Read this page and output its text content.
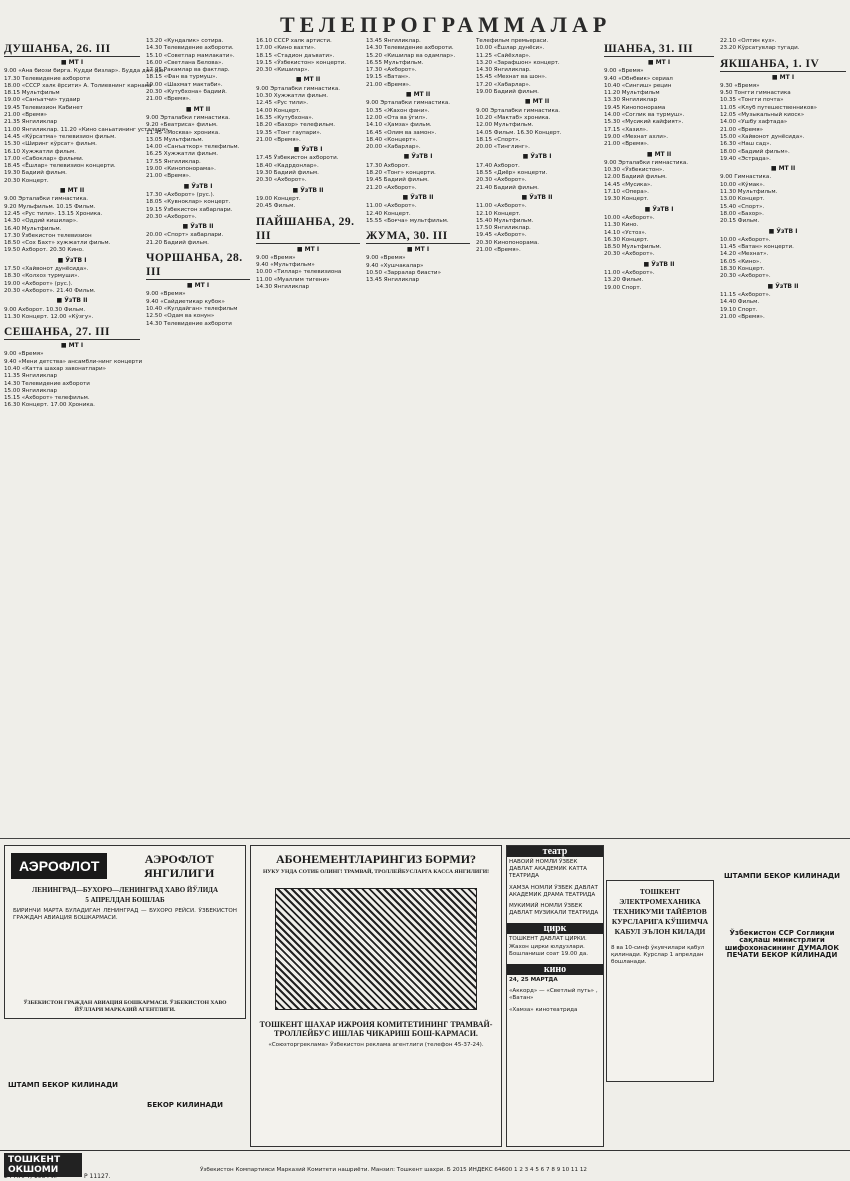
ТЕЛЕПРОГРАММАЛАР
ДУШАНБА, 26. III
■ МТ I
9.00 «Ана биози бирга. Кудди бизлар». Будда дан дан
17.30 Телевидение ахбороти
18.00 «СССР халк ёрсити» А. Толиевнинг карнака
18.15 Мультфильм
19.00 «Санъатчи» тудаир
19.45 Телевизион Кабинет
21.00 «Время»
21.35 Янгиликлар
11.00 Янгиликлар. 11.20 «Кино саньатининг усталари».
14.45 «Кўрсатма» телевизион фильм.
15.30 «Ширинг кўрсат» фильм.
16.10 Хужжатли фильм.
17.00 «Сабоклар» фильми.
18.45 «Ёшлар» телевизион концерти.
19.30 Бадиий фильм.
20.30 Концерт.
■ МТ II
9.00 Эрталабки гимнастика.
9.20 Мульфильм. 10.15 Фильм.
12.45 «Рус тили». 13.15 Хроника.
14.30 «Оддий кишилар».
16.40 Мультфильм.
17.30 Ўзбекистон телевизион
18.50 «Сох Бахт» хужжатли фильм.
19.50 Ахборот. 20.30 Кино.
■ ЎзТВ I
17.50 «Хайвонот дунёсида».
18.30 «Колхоз турмуши».
19.00 «Ахборот» (рус.).
20.30 «Ахборот». 21.40 Фильм.
■ ЎзТВ II
9.00 Ахборот. 10.30 Фильм.
11.30 Концерт. 12.00 «Кўзгу».
СЕШАНБА, 27. III
■ МТ I
9.00 «Время»
9.40 «Мени детства» ансамбли-нинг концерти
10.40 «Катта шахар завонатлари»
11.35 Янгиликлар
14.30 Телевидение ахбороти
15.00 Янгиликлар
15.15 «Ахборот» телефильм.
16.30 Концерт. 17.00 Хроника.
13.20 «Кундалик» сотира.
14.30 Телевидение ахбороти.
15.10 «Советлар мамлакати».
16.00 «Светлана Белова».
17.05 Ракамлар ва фактлар.
18.15 «Фан ва турмуш».
19.00 «Шахмат мактаби».
20.30 «Кутубхона» бадиий.
21.00 «Время».
■ МТ II
9.00 Эрталабки гимнастика.
9.20 «Беатриса» фильм.
11.45 «Москва» хроника.
13.05 Мультфильм.
14.00 «Санъаткор» телефильм.
16.25 Хужжатли фильм.
17.55 Янгиликлар.
19.00 «Кинопонорама».
21.00 «Время».
■ ЎзТВ I
17.30 «Ахборот» (рус.).
18.05 «Кувноклар» концерт.
19.15 Ўзбекистон хабарлари.
20.30 «Ахборот».
■ ЎзТВ II
20.00 «Спорт» хабарлари.
21.20 Бадиий фильм.
ЧОРШАНБА, 28. III
■ МТ I
9.00 «Время»
9.40 «Сайдиетикар кубок»
10.40 «Кулдайган» телефильм
12.50 «Одам ва конун»
14.30 Телевидение ахбороти
16.10 СССР халк артисти.
17.00 «Кино вахти».
18.15 «Стадион даъвати».
19.15 «Ўзбекистон» концерти.
20.30 «Кишилар».
■ МТ II
9.00 Эрталабки гимнастика.
10.30 Хужжатли фильм.
12.45 «Рус тили».
14.00 Концерт.
16.35 «Кутубхона».
18.20 «Бахор» телефильм.
19.35 «Тонг гаупари».
21.00 «Время».
■ ЎзТВ I
17.45 Ўзбекистон ахбороти.
18.40 «Кадрдонлар».
19.30 Бадиий фильм.
20.30 «Ахборот».
■ ЎзТВ II
19.00 Концерт.
20.45 Фильм.
ПАЙШАНБА, 29. III
■ МТ I
9.00 «Время»
9.40 «Мультфильм»
10.00 «Тиллар» телевизиона
11.00 «Муаллим тигени»
14.30 Янгиликлар
13.45 Янгиликлар.
14.30 Телевидение ахбороти.
15.20 «Кишилар ва одамлар».
16.55 Мультфильм.
17.30 «Ахборот».
19.15 «Ватан».
21.00 «Время».
■ МТ II
9.00 Эрталабки гимнастика.
10.35 «Жахон фани».
12.00 «Ота ва ўгил».
14.10 «Ҳамза» фильм.
16.45 «Олим ва замон».
18.40 «Концерт».
20.00 «Хабарлар».
■ ЎзТВ I
17.30 Ахборот.
18.20 «Тонг» концерти.
19.45 Бадиий фильм.
21.20 «Ахборот».
■ ЎзТВ II
11.00 «Ахборот».
12.40 Концерт.
15.55 «Боғча» мультфильм.
ЖУМА, 30. III
■ МТ I
9.00 «Время»
9.40 «Хушчакалар»
10.50 «Зарралар биасти»
13.45 Янгиликлар
Телефильм премьераси.
10.00 «Ёшлар дунёси».
11.25 «Сайёхлар».
13.20 «Зарафшон» концерт.
14.30 Янгиликлар.
15.45 «Мехнат ва шон».
17.20 «Хабарлар».
19.00 Бадиий фильм.
■ МТ II
9.00 Эрталабки гимнастика.
10.20 «Мактаб» хроника.
12.00 Мультфильм.
14.05 Фильм. 16.30 Концерт.
18.15 «Спорт».
20.00 «Тинглинг».
■ ЎзТВ I
17.40 Ахборот.
18.55 «Диёр» концерти.
20.30 «Ахборот».
21.40 Бадиий фильм.
■ ЎзТВ II
11.00 «Ахборот».
12.10 Концерт.
15.40 Мультфильм.
17.50 Янгиликлар.
19.45 «Ахборот».
20.30 Кинопонорама.
21.00 «Время».
ШАНБА, 31. III
■ МТ I
9.00 «Время»
9.40 «Обнбвик» сериал
10.40 «Сингиш» рецин
11.20 Мультфильм
13.30 Янгиликлар
19.45 Кинопонорама
14.00 «Соглик ва турмуш».
15.30 «Мусикий кайфият».
17.15 «Хазил».
19.00 «Мехнат ахли».
21.00 «Время».
■ МТ II
9.00 Эрталабки гимнастика.
10.30 «Ўзбекистон».
12.00 Бадиий фильм.
14.45 «Мусика».
17.10 «Опера».
19.30 Концерт.
■ ЎзТВ I
10.00 «Ахборот».
11.30 Кино.
14.10 «Устоз».
16.30 Концерт.
18.50 Мультфильм.
20.30 «Ахборот».
■ ЎзТВ II
11.00 «Ахборот».
13.20 Фильм.
19.00 Спорт.
22.10 «Олтин куз».
23.20 Кўрсатувлар тугади.
ЯКШАНБА, 1. IV
■ МТ I
9.30 «Время»
9.50 Тонгги гимнастика
10.35 «Тонгги почта»
11.05 «Клуб путешественников»
12.05 «Музыкальный киоск»
14.00 «Ушбу хафтада»
21.00 «Время»
15.00 «Хайвонот дунёсида».
16.30 «Наш сад».
18.00 «Бадиий фильм».
19.40 «Эстрада».
■ МТ II
9.00 Гимнастика.
10.00 «Кўмак».
11.30 Мультфильм.
13.00 Концерт.
15.40 «Спорт».
18.00 «Бахор».
20.15 Фильм.
■ ЎзТВ I
10.00 «Ахборот».
11.45 «Ватан» концерти.
14.20 «Мехнат».
16.05 «Кино».
18.30 Концерт.
20.30 «Ахборот».
■ ЎзТВ II
11.15 «Ахборот».
14.40 Фильм.
19.10 Спорт.
21.00 «Время».
АЭРОФЛОТ	АЭРОФЛОТ ЯНГИЛИГИ
ЛЕНИНГРАД—БУХОРО—ЛЕНИНГРАД ХАВО ЙЎЛИДА
5 АПРЕЛДАН БОШЛАБ
БИРИНЧИ МАРТА БУЛАДИГАН ЛЕНИНГРАД — БУХОРО РЕЙСИ. ЎЗБЕКИСТОН ГРАЖДАН АВИАЦИЯ БОШКАРМАСИ.
ЎЗБЕКИСТОН ГРАЖДАН АВИАЦИЯ БОШКАРМАСИ. ЎЗБЕКИСТОН ХАВО ЙЎЛЛАРИ МАРКАЗИЙ АГЕНТЛИГИ.
ШТАМП БЕКОР КИЛИНАДИ
БЕКОР КИЛИНАДИ
АБОНЕМЕНТЛАРИНГИЗ БОРМИ?
НУКУ УНДА СОТИБ ОЛИНГ! ТРАМВАЙ, ТРОЛЛЕЙБУСЛАРГА КАССА ЯНГИЛИГИ!
ТОШКЕНТ ШАХАР ИЖРОИЯ КОМИТЕТИНИНГ ТРАМВАЙ-ТРОЛЛЕЙБУС ИШЛАБ ЧИКАРИШ БОШ-КАРМАСИ.
«Союзторгреклама» Ўзбекистон реклама агентлиги (телефон 45-37-24).
театр
НАВОИЙ НОМЛИ ЎЗБЕК ДАВЛАТ АКАДЕМИК КАТТА ТЕАТРИДА
ХАМЗА НОМЛИ ЎЗБЕК ДАВЛАТ АКАДЕМИК ДРАМА ТЕАТРИДА
МУКИМИЙ НОМЛИ ЎЗБЕК ДАВЛАТ МУЗИКАЛИ ТЕАТРИДА
цирк
ТОШКЕНТ ДАВЛАТ ЦИРКИ. Жахон цирки юлдузлари. Бошланиши соат 19.00 да.
кино
24, 25 МАРТДА
«Аккорд» — «Светлый путь» , «Ватан»
«Хамза» кинотеатрида
ТОШКЕНТ ЭЛЕКТРОМЕХАНИКА ТЕХНИКУМИ ТАЙЁРЛОВ КУРСЛАРИГА КЎШИМЧА КАБУЛ ЭЪЛОН КИЛАДИ
8 ва 10-синф ўкувчилари қабул қилинади. Курслар 1 апрелдан бошланади.
ШТАМПИ БЕКОР КИЛИНАДИ
Ўзбекистон ССР Соглиқни сақлаш министрлиги шифохонасининг ДУМАЛОК ПЕЧАТИ БЕКОР КИЛИНАДИ
ТОШКЕНТ ОКШОМИ
24 МАРТ, 1984 й.	Р 11127.
Ўзбекистон Компартияси Марказий Комитети нашриёти. Манзил: Тошкент шахри. Б 2015 ИНДЕКС 64600 1 2 3 4 5 6 7 8 9 10 11 12
